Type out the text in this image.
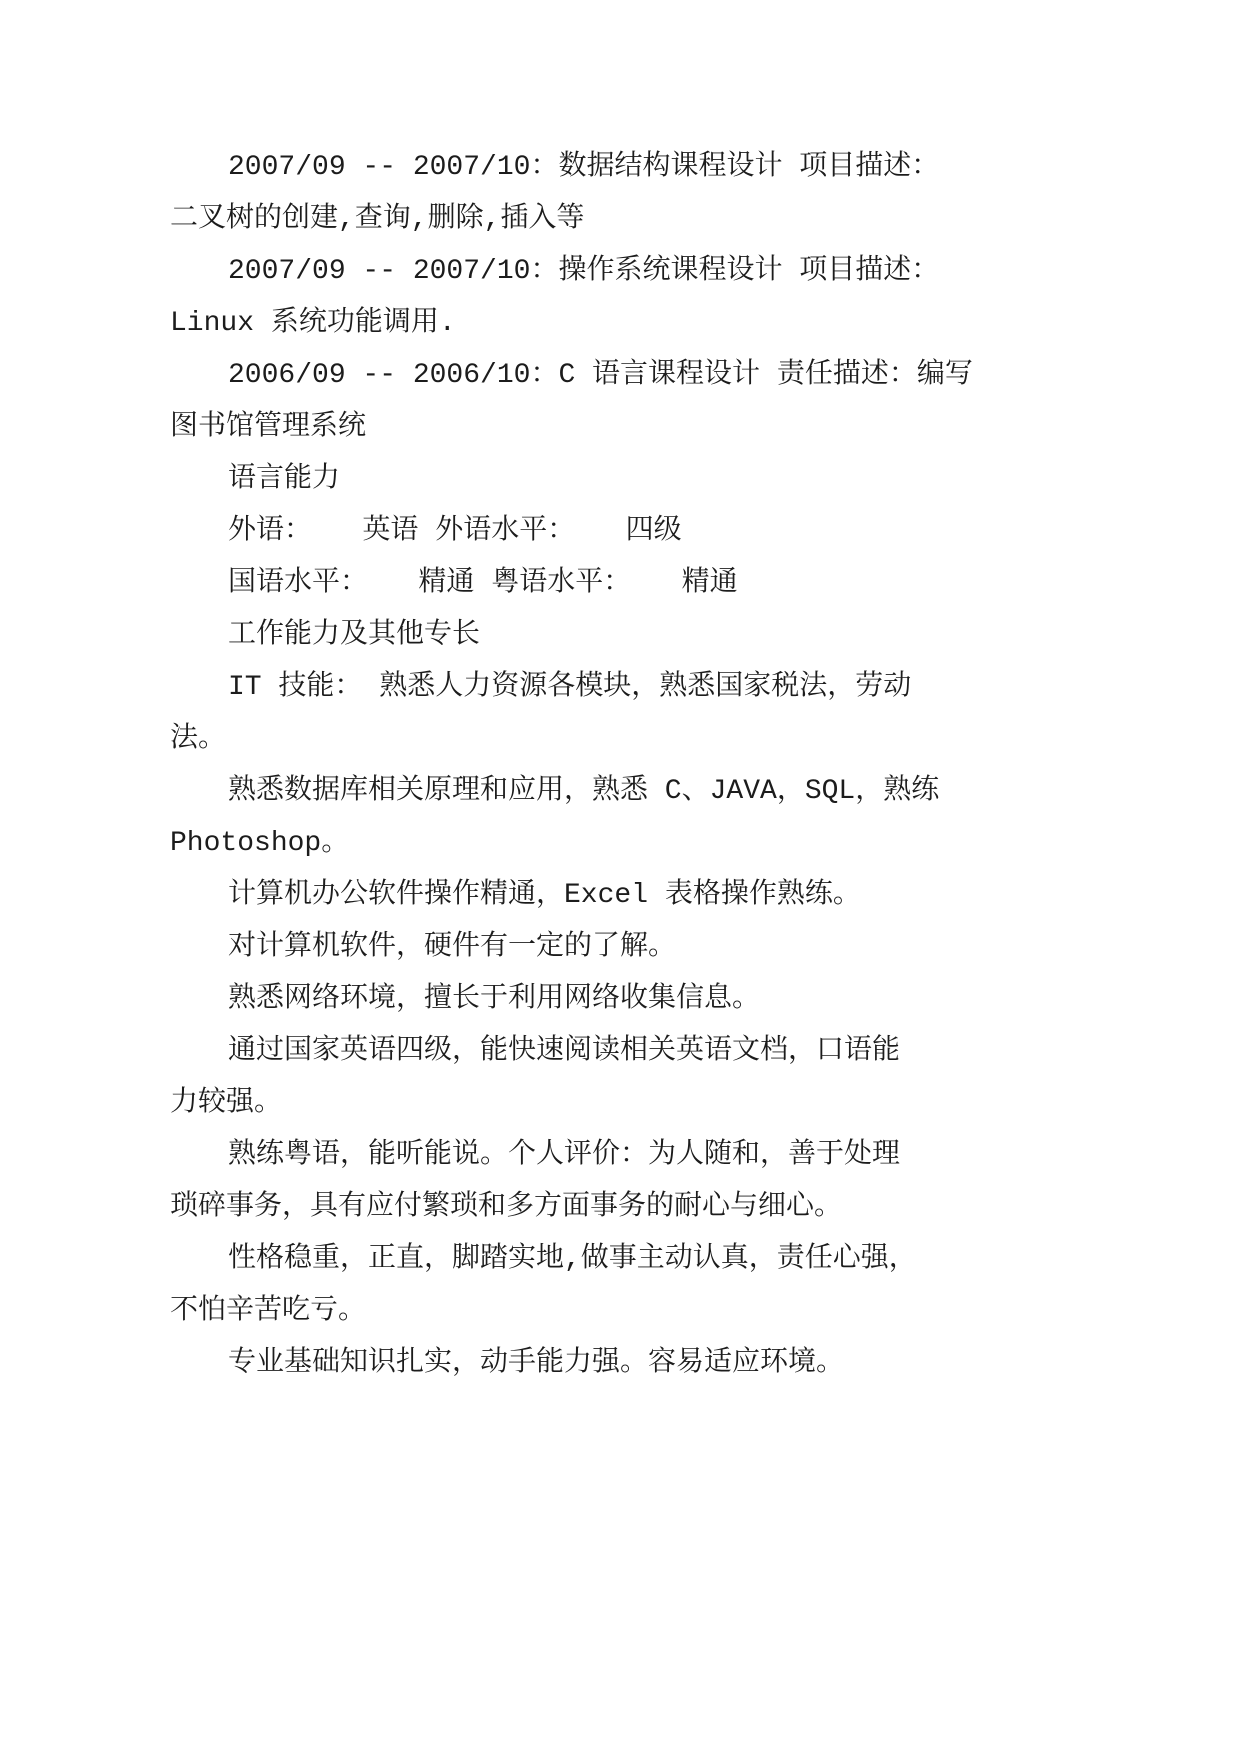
2007/09 -- 2007/10：数据结构课程设计 项目描述：
二叉树的创建,查询,删除,插入等
2007/09 -- 2007/10：操作系统课程设计 项目描述：
Linux 系统功能调用.
2006/09 -- 2006/10：C 语言课程设计 责任描述：编写
图书馆管理系统
语言能力
外语：   英语 外语水平：   四级
国语水平：   精通 粤语水平：   精通
工作能力及其他专长
IT 技能： 熟悉人力资源各模块，熟悉国家税法，劳动
法。
熟悉数据库相关原理和应用，熟悉 C、JAVA，SQL，熟练
Photoshop。
计算机办公软件操作精通，Excel 表格操作熟练。
对计算机软件，硬件有一定的了解。
熟悉网络环境，擅长于利用网络收集信息。
通过国家英语四级，能快速阅读相关英语文档，口语能
力较强。
熟练粤语，能听能说。个人评价：为人随和，善于处理
琐碎事务，具有应付繁琐和多方面事务的耐心与细心。
性格稳重，正直，脚踏实地,做事主动认真，责任心强，
不怕辛苦吃亏。
专业基础知识扎实，动手能力强。容易适应环境。
